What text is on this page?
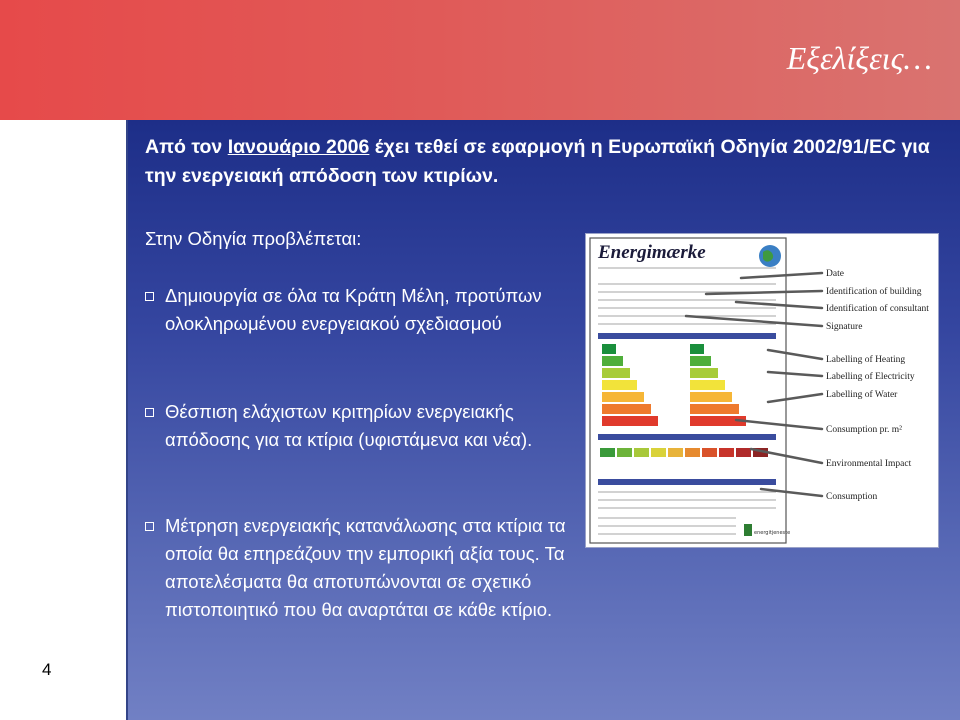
Εξελίξεις…
4
Από τον Ιανουάριο 2006 έχει τεθεί σε εφαρμογή η Ευρωπαϊκή Οδηγία 2002/91/EC για την ενεργειακή απόδοση των κτιρίων.
Στην Οδηγία προβλέπεται:
Δημιουργία σε όλα τα Κράτη Μέλη, προτύπων ολοκληρωμένου ενεργειακού σχεδιασμού
Θέσπιση ελάχιστων κριτηρίων ενεργειακής απόδοσης για τα κτίρια (υφιστάμενα και νέα).
Μέτρηση ενεργειακής κατανάλωσης στα κτίρια τα οποία θα επηρεάζουν την εμπορική αξία τους. Τα αποτελέσματα θα αποτυπώνονται σε σχετικό πιστοποιητικό που θα αναρτάται σε κάθε κτίριο.
Energimærke
energitjeneste
Date
Identification of building
Identification of consultant
Signature
Labelling of Heating
Labelling of Electricity
Labelling of Water
Consumption pr. m²
Environmental Impact
Consumption
